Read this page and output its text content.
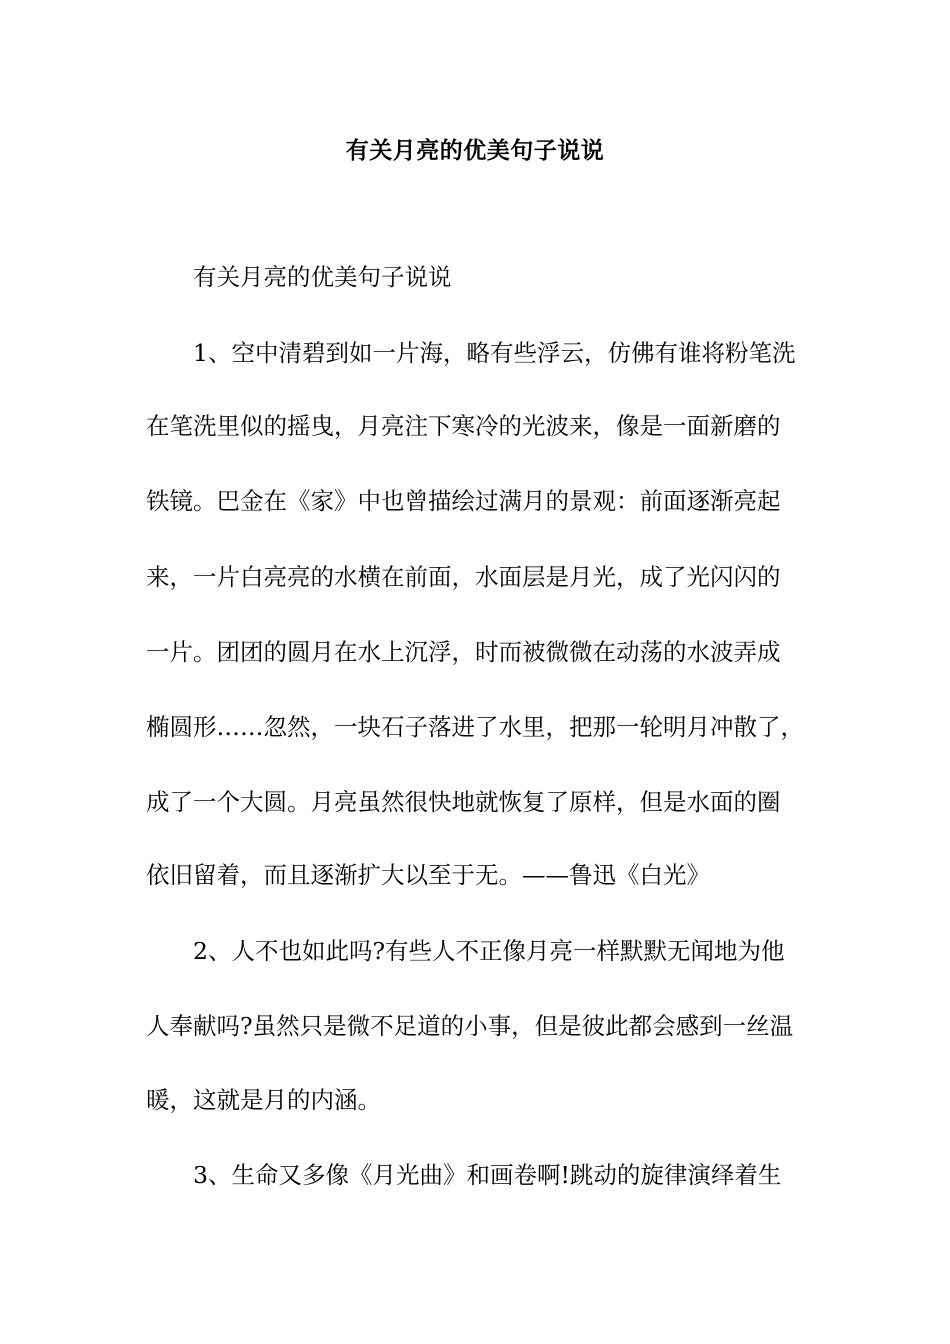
有关月亮的优美句子说说
有关月亮的优美句子说说
1、空中清碧到如一片海，略有些浮云，仿佛有谁将粉笔洗
在笔洗里似的摇曳，月亮注下寒冷的光波来，像是一面新磨的
铁镜。巴金在《家》中也曾描绘过满月的景观：前面逐渐亮起
来，一片白亮亮的水横在前面，水面层是月光，成了光闪闪的
一片。团团的圆月在水上沉浮，时而被微微在动荡的水波弄成
椭圆形……忽然，一块石子落进了水里，把那一轮明月冲散了，
成了一个大圆。月亮虽然很快地就恢复了原样，但是水面的圈
依旧留着，而且逐渐扩大以至于无。——鲁迅《白光》
2、人不也如此吗?有些人不正像月亮一样默默无闻地为他
人奉献吗?虽然只是微不足道的小事，但是彼此都会感到一丝温
暖，这就是月的内涵。
3、生命又多像《月光曲》和画卷啊!跳动的旋律演绎着生
